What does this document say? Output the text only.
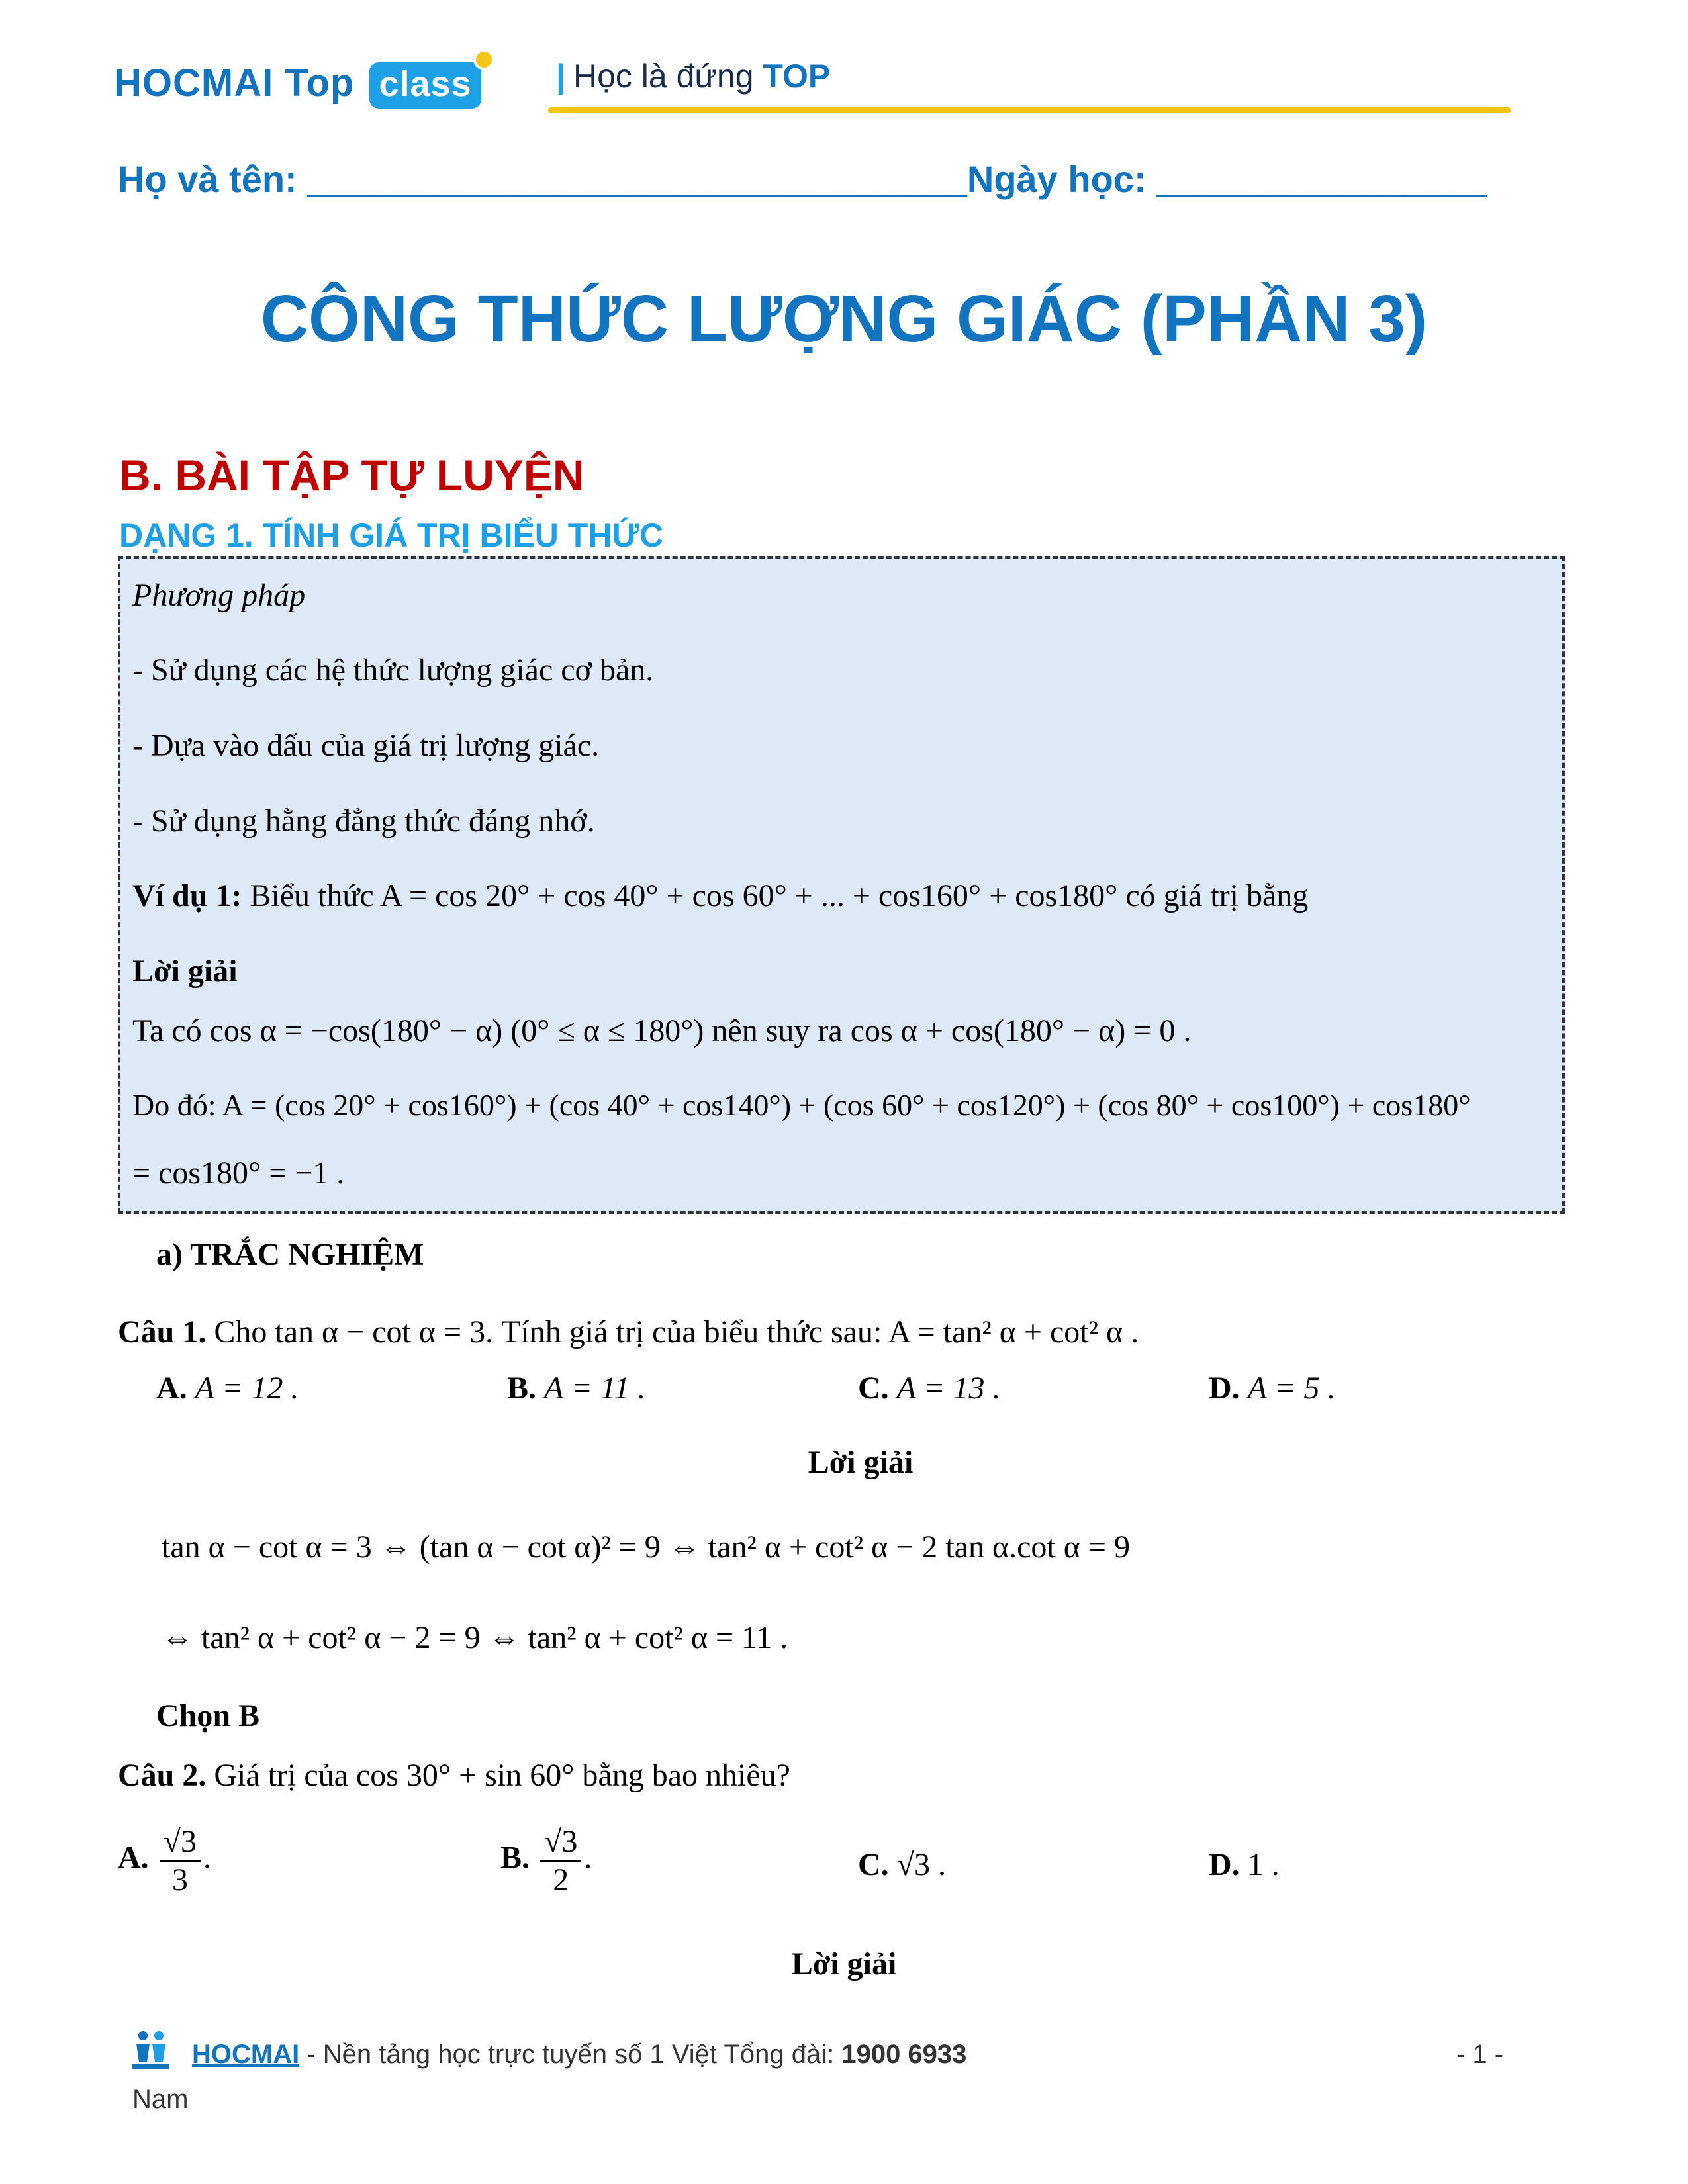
HOCMAI Top class	| Học là đứng TOP
Họ và tên: ________________________________Ngày học: ________________
CÔNG THỨC LƯỢNG GIÁC (PHẦN 3)
B. BÀI TẬP TỰ LUYỆN
DẠNG 1. TÍNH GIÁ TRỊ BIỂU THỨC
Phương pháp
- Sử dụng các hệ thức lượng giác cơ bản.
- Dựa vào dấu của giá trị lượng giác.
- Sử dụng hằng đẳng thức đáng nhớ.
Ví dụ 1: Biểu thức A = cos 20° + cos 40° + cos 60° + ... + cos160° + cos180° có giá trị bằng
Lời giải
Ta có cos α = −cos(180° − α) (0° ≤ α ≤ 180°) nên suy ra cos α + cos(180° − α) = 0 .
Do đó: A = (cos 20° + cos160°) + (cos 40° + cos140°) + (cos 60° + cos120°) + (cos 80° + cos100°) + cos180°
= cos180° = −1 .
a) TRẮC NGHIỆM
Câu 1. Cho tan α − cot α = 3. Tính giá trị của biểu thức sau: A = tan² α + cot² α .
A. A = 12 .	B. A = 11 .	C. A = 13 .	D. A = 5 .
Lời giải
tan α − cot α = 3 ⇔ (tan α − cot α)² = 9 ⇔ tan² α + cot² α − 2 tan α.cot α = 9
⇔ tan² α + cot² α − 2 = 9 ⇔ tan² α + cot² α = 11 .
Chọn B
Câu 2. Giá trị của cos 30° + sin 60° bằng bao nhiêu?
A. $\frac{√3}{3}$ .	B. $\frac{√3}{2}$ .	C. √3 .	D. 1 .
Lời giải
HOCMAI - Nền tảng học trực tuyến số 1 Việt Tổng đài: 1900 6933	- 1 -
Nam
